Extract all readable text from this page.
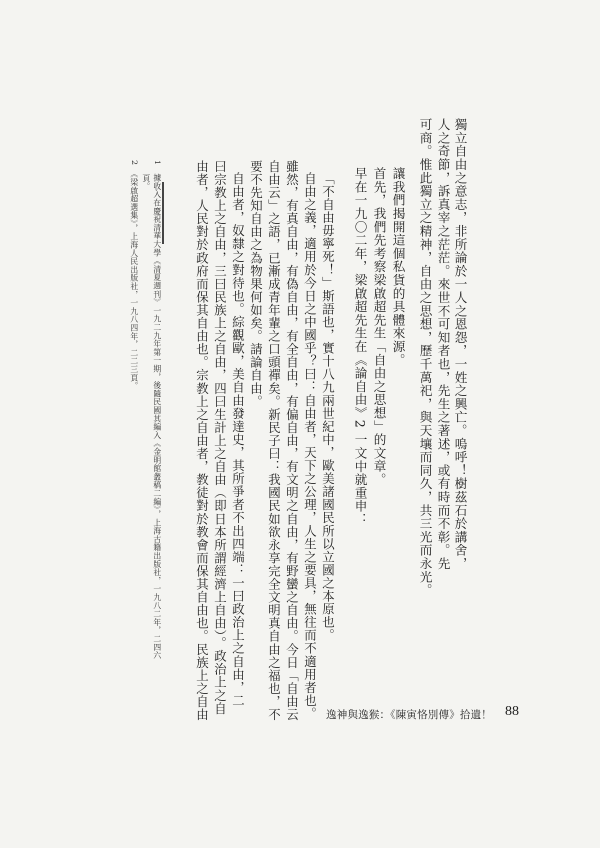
獨立自由之意志，非所論於一人之恩怨，一姓之興亡。嗚呼！樹茲石於講舍，
人之奇節，訴真宰之茫茫。來世不可知者也，先生之著述，或有時而不彰。先
可商。惟此獨立之精神，自由之思想，歷千萬祀，與天壤而同久，共三光而永光。
讓我們揭開這個私貨的具體來源。
首先，我們先考察梁啟超先生「自由之思想」的文章。
早在一九〇二年，梁啟超先生在《論自由》2 一文中就重申：
「不自由毋寧死！」斯語也，實十八九兩世紀中，歐美諸國民所以立國之本原也。
自由之義，適用於今日之中國乎？曰：自由者，天下之公理，人生之要具，無往而不適用者也。
雖然，有真自由，有偽自由，有全自由，有偏自由，有文明之自由，有野蠻之自由。今日「自由云
自由云」之語，已漸成青年輩之口頭禪矣。新民子曰：我國民如欲永享完全文明真自由之福也，不
要不先知自由之為物果何如矣。請論自由。
自由者，奴隸之對待也。綜觀歐，美自由發達史，其所爭者不出四端：一曰政治上之自由，二
曰宗教上之自由，三曰民族上之自由，四曰生計上之自由（即日本所謂經濟上自由）。政治上之自
由者，人民對於政府而保其自由也。宗教上之自由者，教徒對於教會而保其自由也。民族上之自由
1　據收入在慶祝清華大學《清夏週刊》一九二九年第一期，後隨民國其編入《金明館叢稿二編》，上海古籍出版社，一九八二年，二四六
頁。
2　《梁啟超選集》，上海人民出版社，一九八四年，二二三頁。
逸神與逸猴：《陳寅恪別傳》拾遺！ 88
